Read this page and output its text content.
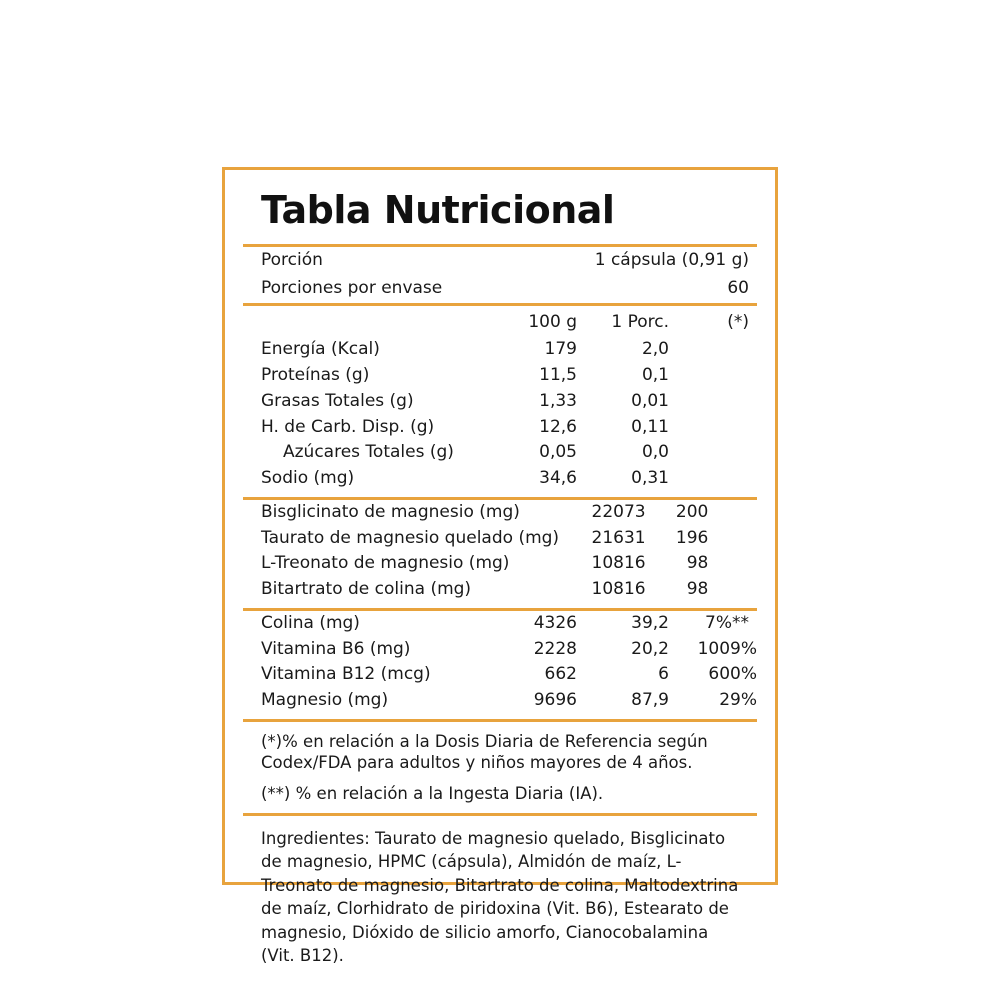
Tabla Nutricional
Porción	1 cápsula (0,91 g)
Porciones por envase	60
	100 g	1 Porc.	(*)
Energía (Kcal)	179	2,0	
Proteínas (g)	11,5	0,1	
Grasas Totales (g)	1,33	0,01	
H. de Carb. Disp. (g)	12,6	0,11	
Azúcares Totales (g)	0,05	0,0	
Sodio (mg)	34,6	0,31	
Bisglicinato de magnesio (mg)	22073	200	
Taurato de magnesio quelado (mg)	21631	196	
L-Treonato de magnesio (mg)	10816	98	
Bitartrato de colina (mg)	10816	98	
Colina (mg)	4326	39,2	7%**
Vitamina B6 (mg)	2228	20,2	1009%
Vitamina B12 (mcg)	662	6	600%
Magnesio (mg)	9696	87,9	29%
(*)% en relación a la Dosis Diaria de Referencia según Codex/FDA para adultos y niños mayores de 4 años.
(**) % en relación a la Ingesta Diaria (IA).
Ingredientes: Taurato de magnesio quelado, Bisglicinato de magnesio, HPMC (cápsula), Almidón de maíz, L-Treonato de magnesio, Bitartrato de colina, Maltodextrina de maíz, Clorhidrato de piridoxina (Vit. B6), Estearato de magnesio, Dióxido de silicio amorfo, Cianocobalamina (Vit. B12).
